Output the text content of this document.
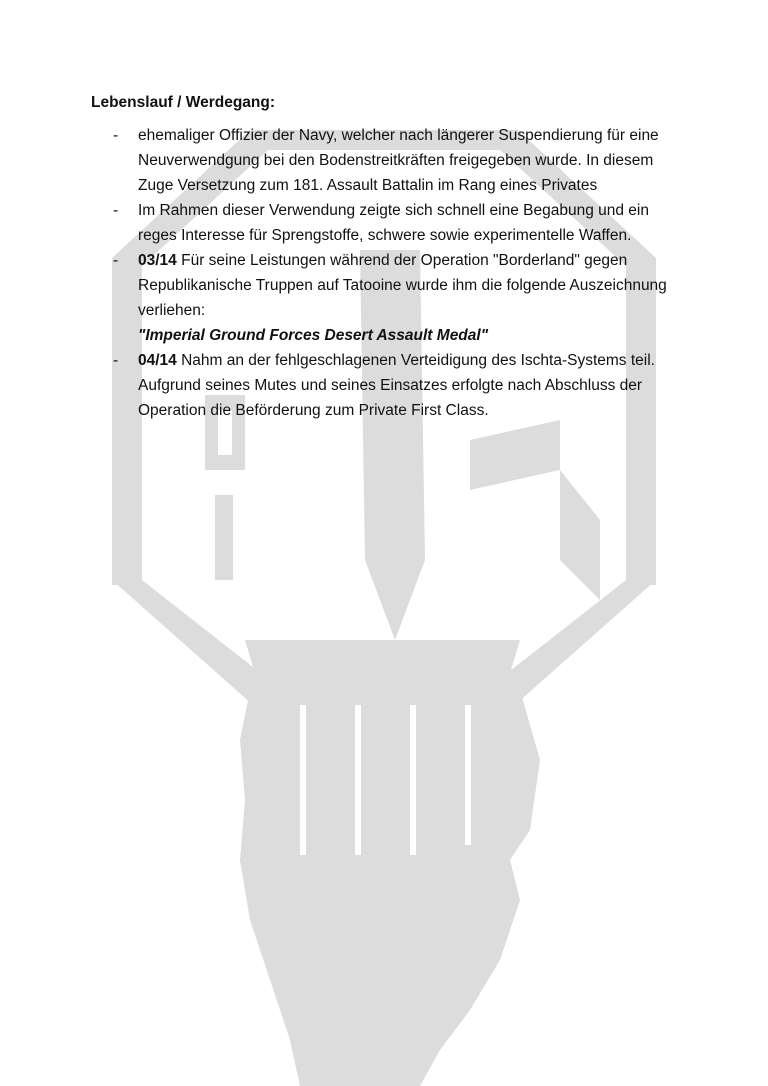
Lebenslauf / Werdegang:
- ehemaliger Offizier der Navy, welcher nach längerer Suspendierung für eine Neuverwendgung bei den Bodenstreitkräften freigegeben wurde. In diesem Zuge Versetzung zum 181. Assault Battalin im Rang eines Privates
- Im Rahmen dieser Verwendung zeigte sich schnell eine Begabung und ein reges Interesse für Sprengstoffe, schwere sowie experimentelle Waffen.
- 03/14 Für seine Leistungen während der Operation "Borderland" gegen Republikanische Truppen auf Tatooine wurde ihm die folgende Auszeichnung verliehen:
"Imperial Ground Forces Desert Assault Medal"
- 04/14 Nahm an der fehlgeschlagenen Verteidigung des Ischta-Systems teil. Aufgrund seines Mutes und seines Einsatzes erfolgte nach Abschluss der Operation die Beförderung zum Private First Class.
